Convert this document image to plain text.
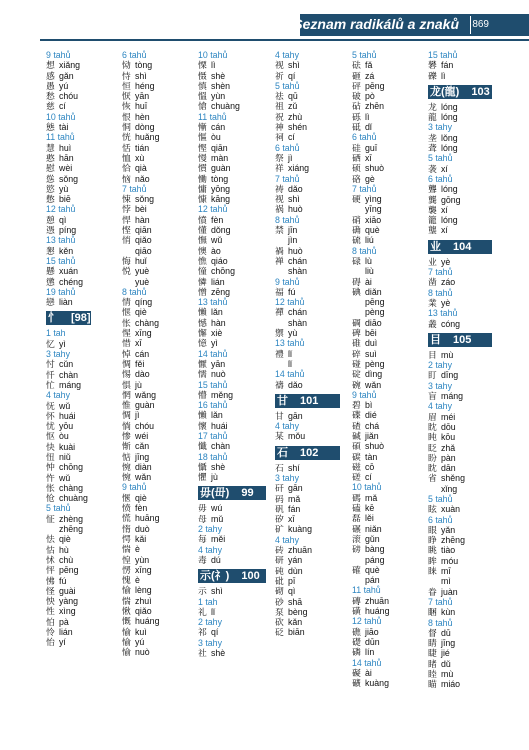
Seznam radikálů a znaků 869
9 tahů
想 xiǎng
感 gǎn
愚 yú
愁 chóu
慈 cí
10 tahů
態 tài
11 tahů
慧 huì
憨 hān
慰 wèi
慫 sǒng
慾 yù
憋 biē
12 tahů
憩 qì
憑 píng
13 tahů
懇 kěn
15 tahů
懸 xuán
懲 chéng
19 tahů
戀 liàn
忄 [98]
1 tah
忆 yì
3 tahy
忖 cǔn
忏 chàn
忙 máng
4 tahy
怃 wǔ
怀 huái
忧 yōu
怄 òu
快 kuài
忸 niǔ
忡 chōng
忤 wǔ
怅 chàng
怆 chuàng
5 tahů
怔 zhèng
zhēng
怯 qiè
怙 hù
怵 chù
怦 pēng
怫 fú
怪 guài
怏 yàng
性 xìng
怕 pà
怜 lián
怡 yí
6 tahů
恸 tòng
恃 shì
恒 héng
恹 yān
恢 huī
恨 hèn
恫 dòng
恍 huǎng
恬 tián
恤 xù
恰 qià
恼 nǎo
7 tahů
悚 sǒng
悖 bèi
悍 hàn
悭 qiān
悄 qiǎo
qiāo
悔 huǐ
悦 yuè
yuè
8 tahů
情 qíng
惬 qiè
怅 chàng
惺 xīng
惜 xī
悼 cán
惆 fěi
惕 dào
惧 jù
惘 wǎng
惟 guàn
惆 jì
惝 chóu
惨 wéi
惭 cǎn
惦 jīng
惋 diàn
惋 wǎn
9 tahů
愜 qiè
愤 fèn
慌 huāng
惰 duò
愕 kǎi
惴 è
惶 yùn
愣 xīng
愧 è
愉 lèng
惴 zhuì
愀 qiǎo
慨 huáng
愉 kuì
愉 yú
愉 nuò
10 tahů
慄 lì
慑 shè
慎 shèn
慍 yùn
愴 chuàng
11 tahů
慚 cán
慪 òu
慳 qiān
慢 màn
慣 guàn
慟 tòng
慵 yōng
慷 kāng
12 tahů
憤 fèn
懂 dǒng
憮 wǔ
懊 ào
憔 qiáo
憧 chōng
憐 lián
憎 zēng
13 tahů
懶 lǎn
憾 hàn
懈 xiè
憶 yì
14 tahů
懨 yān
懦 nuò
15 tahů
懵 měng
16 tahů
懶 lǎn
懷 huái
17 tahů
懺 chàn
18 tahů
懾 shè
懼 jù
毋(毌) 99
毋 wú
母 mǔ
2 tahy
每 měi
4 tahy
毒 dú
示(礻) 100
示 shì
1 tah
礼 lǐ
2 tahy
祁 qí
3 tahy
社 shè
4 tahy
视 shì
祈 qí
5 tahů
祛 qū
祖 zǔ
祝 zhù
神 shén
祠 cí
6 tahů
祭 jì
祥 xiáng
7 tahů
祷 dǎo
视 shì
祸 huò
8 tahů
禁 jīn
jìn
禍 huò
禅 chán
shàn
9 tahů
福 fú
12 tahů
禪 chán
shàn
禦 yù
13 tahů
禮 lǐ
lǐ
14 tahů
禱 dǎo
甘 101
甘 gān
4 tahy
某 mǒu
石 102
石 shí
3 tahy
矸 gān
码 mǎ
矾 fán
矽 xī
矿 kuàng
4 tahy
砖 zhuān
研 yán
砘 dùn
砒 pī
砌 qì
砂 shā
泵 bèng
砍 kǎn
砭 biān
5 tahů
砝 fǎ
砸 zá
砰 pēng
破 pò
砧 zhēn
砾 lì
砥 dǐ
6 tahů
硅 guī
硒 xī
硕 shuò
硌 gè
7 tahů
硬 yìng
yīng
硝 xiāo
确 què
硫 liú
8 tahů
碌 lù
liù
碍 ài
碘 diǎn
pēng
pèng
碉 diāo
碑 bēi
碓 duì
碎 suì
碰 pèng
碇 dìng
碗 wǎn
9 tahů
碧 bì
碟 dié
碴 chá
碱 jiǎn
碩 shuò
碳 tàn
磁 cō
磋 cí
10 tahů
碼 mǎ
磕 kē
磊 lěi
碾 niǎn
滚 gǔn
磅 bàng
páng
確 què
pán
11 tahů
磚 zhuān
磺 huáng
12 tahů
礁 jiāo
礎 dūn
磷 lín
14 tahů
礙 ài
礦 kuàng
15 tahů
礬 fán
礫 lì
龙(龍) 103
龙 lóng
龍 lóng
3 tahy
垄 lǒng
聋 lóng
5 tahů
袭 xí
6 tahů
聾 lóng
龔 gōng
襲 xí
籠 lóng
壟 xí
业 104
业 yè
7 tahů
凿 záo
8 tahů
業 yè
13 tahů
叢 cóng
目 105
目 mù
2 tahy
盯 dīng
3 tahy
盲 máng
4 tahy
眉 méi
眈 dōu
盹 kōu
眨 zhǎ
盼 pàn
眈 dān
省 shěng
xǐng
5 tahů
眩 xuàn
6 tahů
眼 yǎn
睁 zhēng
眺 tiào
眸 móu
睐 mī
mì
眷 juàn
7 tahů
睏 kùn
8 tahů
督 dū
睛 jīng
睫 jié
睹 dǔ
睦 mù
瞄 miáo
